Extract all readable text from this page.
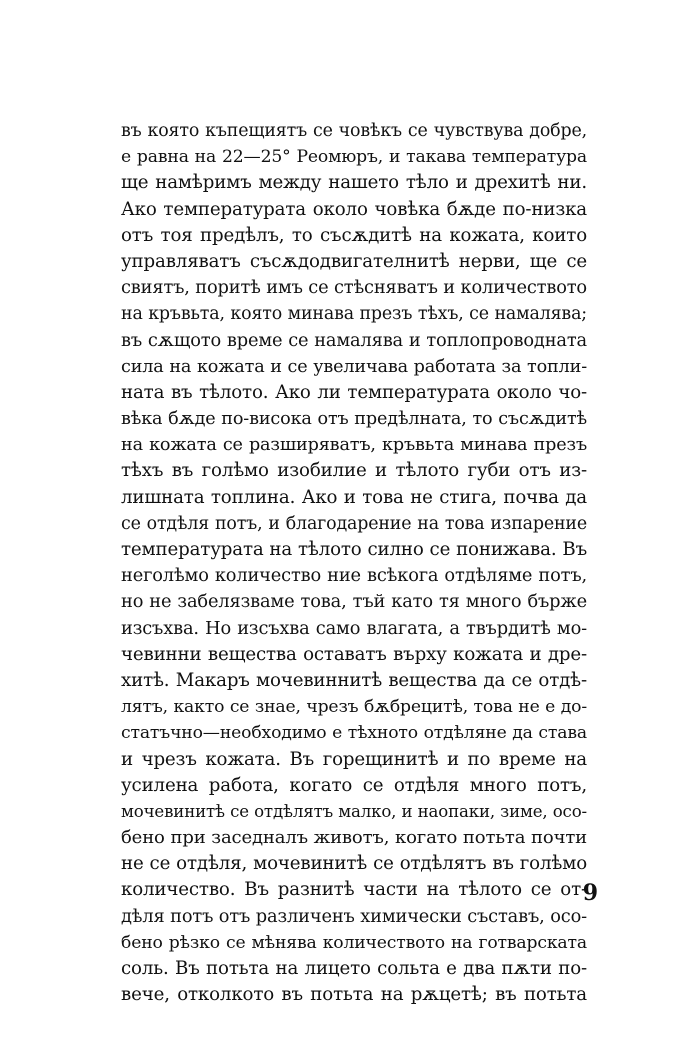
въ която къпещиятъ се човѣкъ се чувствува добре,
е равна на 22—25° Реомюръ, и такава температура
ще намѣримъ между нашето тѣло и дрехитѣ ни.
Ако температурата около човѣка бѫде по-низка
отъ тоя предѣлъ, то съсѫдитѣ на кожата, които
управляватъ съсѫдодвигателнитѣ нерви, ще се
свиятъ, поритѣ имъ се стѣсняватъ и количеството
на кръвьта, която минава презъ тѣхъ, се намалява;
въ сѫщото време се намалява и топлопроводната
сила на кожата и се увеличава работата за топли-
ната въ тѣлото. Ако ли температурата около чо-
вѣка бѫде по-висока отъ предѣлната, то съсѫдитѣ
на кожата се разширяватъ, кръвьта минава презъ
тѣхъ въ голѣмо изобилие и тѣлото губи отъ из-
лишната топлина. Ако и това не стига, почва да
се отдѣля потъ, и благодарение на това изпарение
температурата на тѣлото силно се понижава. Въ
неголѣмо количество ние всѣкога отдѣляме потъ,
но не забелязваме това, тъй като тя много бърже
изсъхва. Но изсъхва само влагата, а твърдитѣ мо-
чевинни вещества оставатъ върху кожата и дре-
хитѣ. Макаръ мочевиннитѣ вещества да се отдѣ-
лятъ, както се знае, чрезъ бѫбрецитѣ, това не е до-
статъчно—необходимо е тѣхното отдѣляне да става
и чрезъ кожата. Въ горещинитѣ и по време на
усилена работа, когато се отдѣля много потъ,
мочевинитѣ се отдѣлятъ малко, и наопаки, зиме, осо-
бено при заседналъ животъ, когато потьта почти
не се отдѣля, мочевинитѣ се отдѣлятъ въ голѣмо
количество. Въ разнитѣ части на тѣлото се от-
дѣля потъ отъ различенъ химически съставъ, осо-
бено рѣзко се мѣнява количеството на готварската
соль. Въ потьта на лицето сольта е два пѫти по-
вече, отколкото въ потьта на рѫцетѣ; въ потьта
9
